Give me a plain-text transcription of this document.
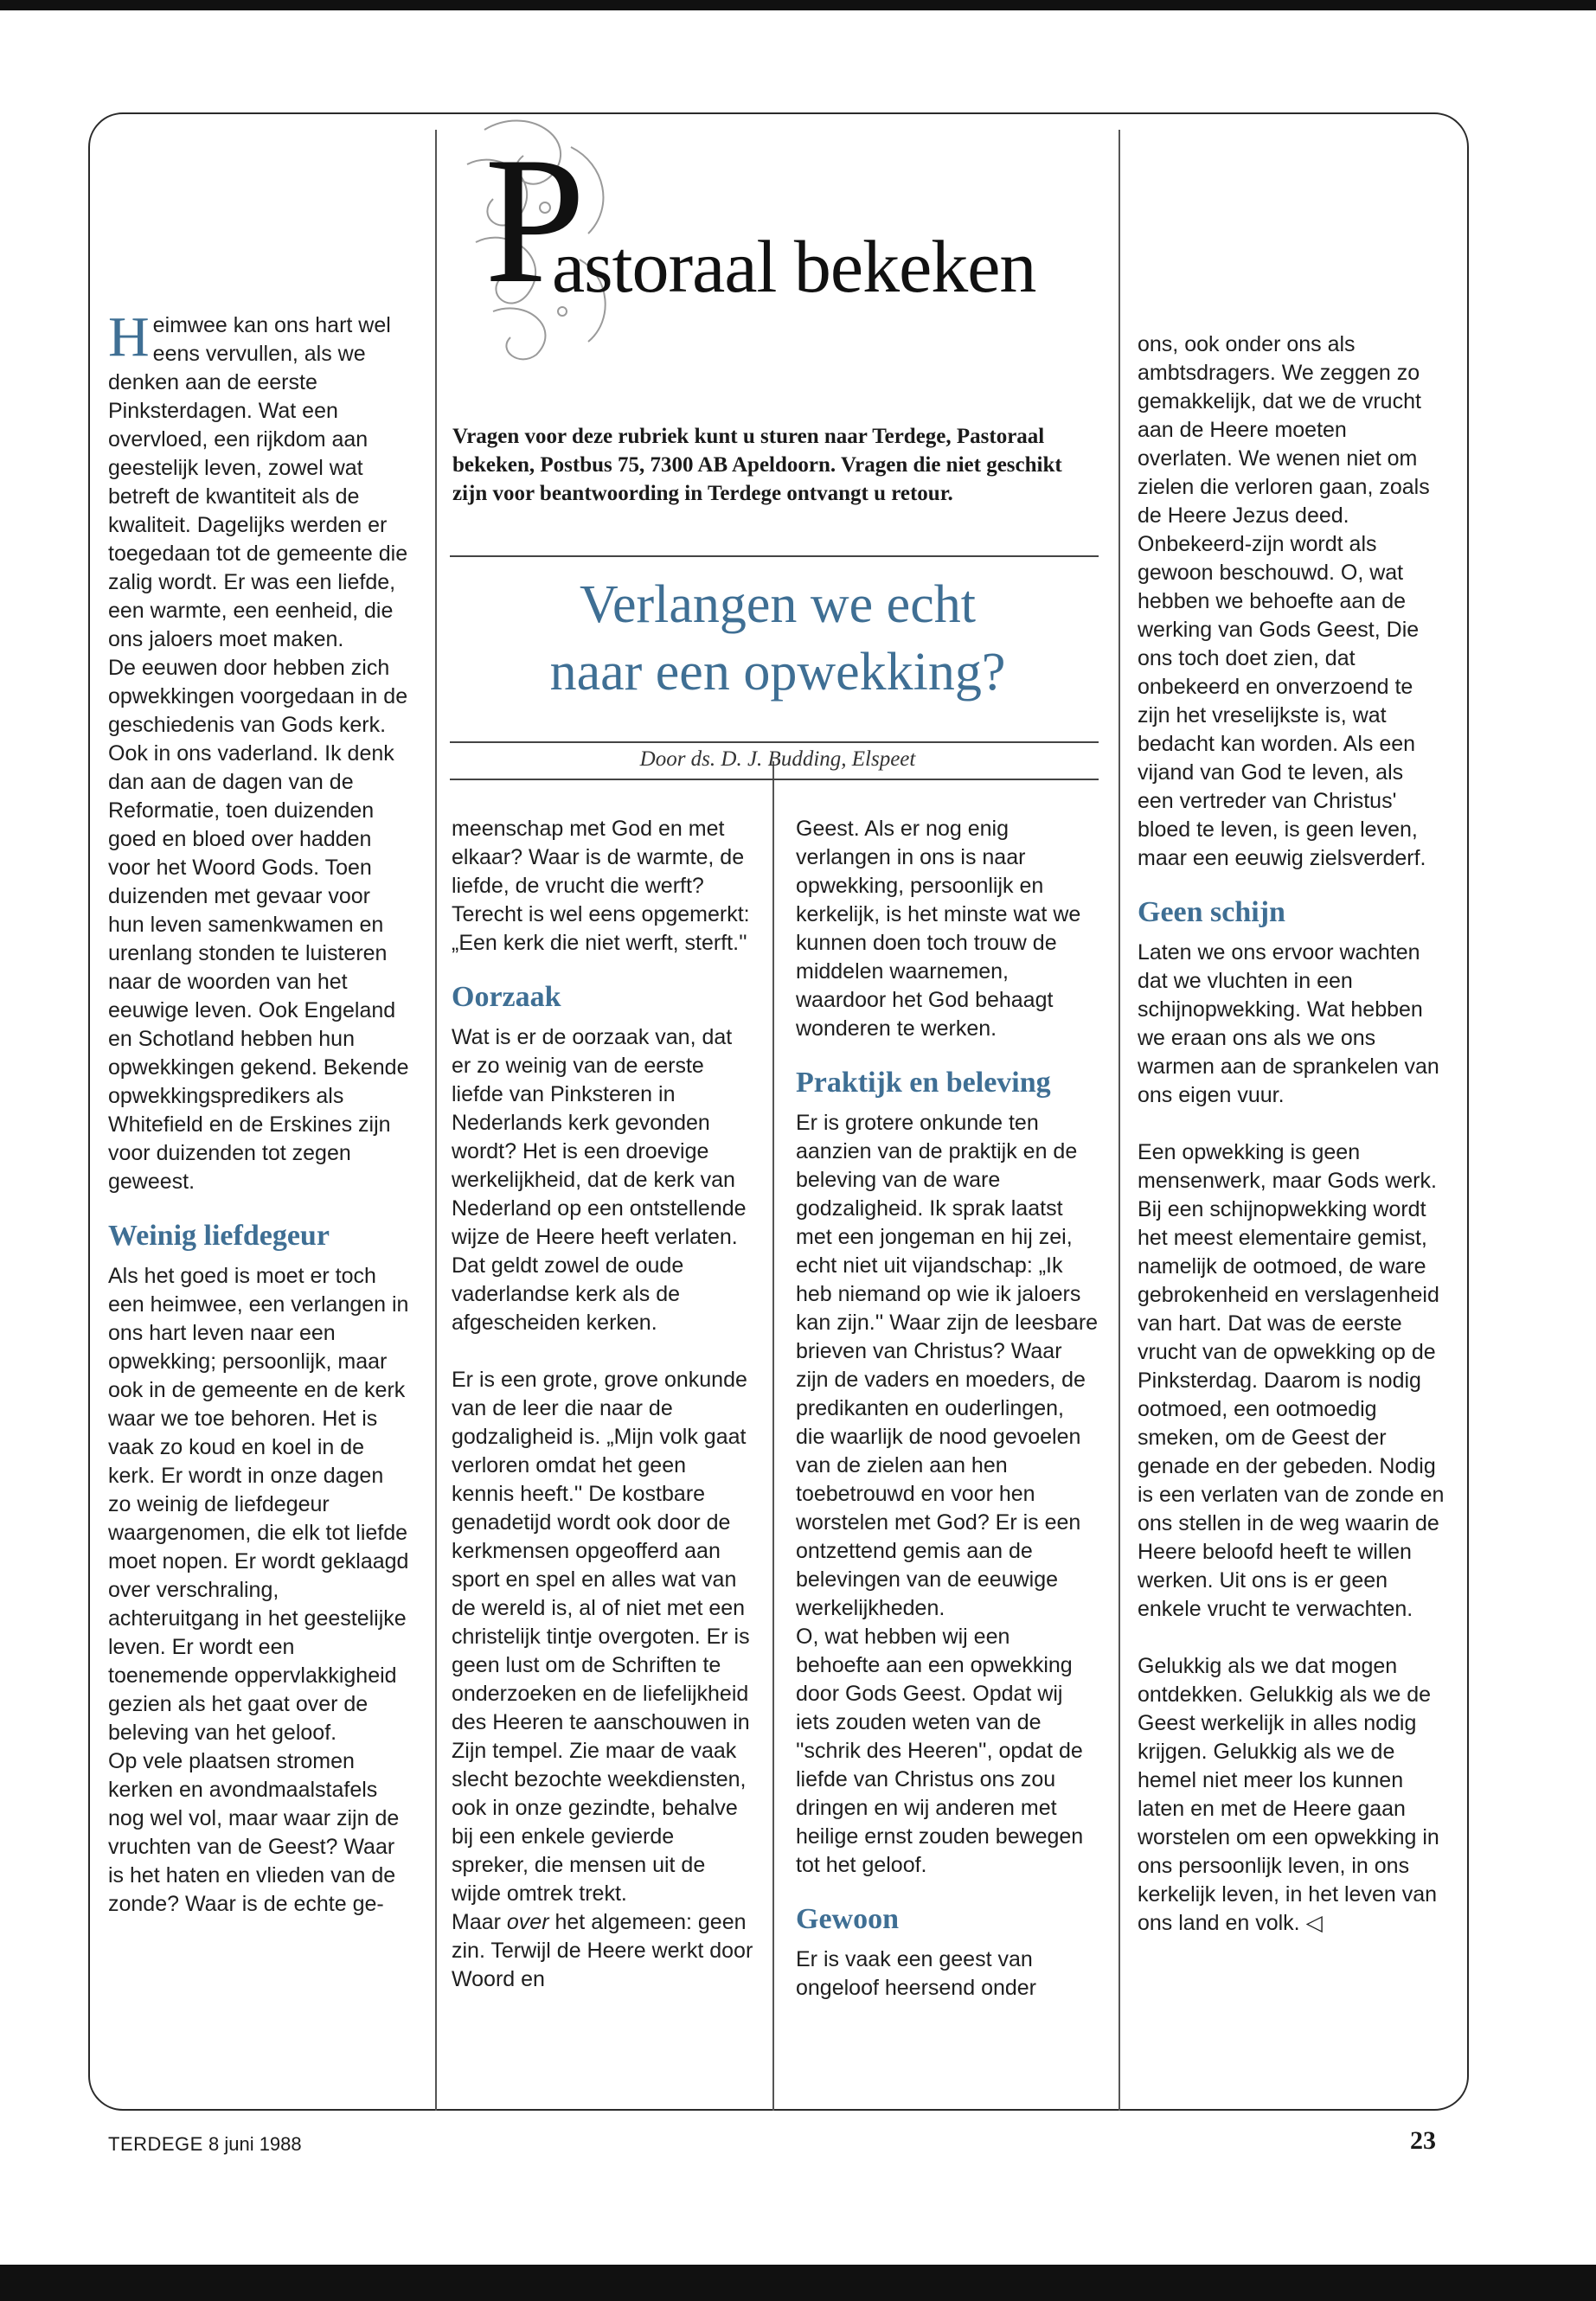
P
astoraal bekeken

Vragen voor deze rubriek kunt u sturen naar Terdege, Pastoraal bekeken, Postbus 75, 7300 AB Apeldoorn. Vragen die niet geschikt zijn voor beantwoording in Terdege ontvangt u retour.

Verlangen we echt
naar een opwekking?
Door ds. D. J. Budding, Elspeet

Heimwee kan ons hart wel eens vervullen, als we denken aan de eerste Pinksterdagen. Wat een overvloed, een rijkdom aan geestelijk leven, zowel wat betreft de kwantiteit als de kwaliteit. Dagelijks werden er toegedaan tot de gemeente die zalig wordt. Er was een liefde, een warmte, een eenheid, die ons jaloers moet maken.

De eeuwen door hebben zich opwekkingen voorgedaan in de geschiedenis van Gods kerk. Ook in ons vaderland. Ik denk dan aan de dagen van de Reformatie, toen duizenden goed en bloed over hadden voor het Woord Gods. Toen duizenden met gevaar voor hun leven samenkwamen en urenlang stonden te luisteren naar de woorden van het eeuwige leven. Ook Engeland en Schotland hebben hun opwekkingen gekend. Bekende opwekkingspredikers als Whitefield en de Erskines zijn voor duizenden tot zegen geweest.

Weinig liefdegeur

Als het goed is moet er toch een heimwee, een verlangen in ons hart leven naar een opwekking; persoonlijk, maar ook in de gemeente en de kerk waar we toe behoren. Het is vaak zo koud en koel in de kerk. Er wordt in onze dagen zo weinig de liefdegeur waargenomen, die elk tot liefde moet nopen. Er wordt geklaagd over verschraling, achteruitgang in het geestelijke leven. Er wordt een toenemende oppervlakkigheid gezien als het gaat over de beleving van het geloof.

Op vele plaatsen stromen kerken en avondmaalstafels nog wel vol, maar waar zijn de vruchten van de Geest? Waar is het haten en vlieden van de zonde? Waar is de echte ge-

meenschap met God en met elkaar? Waar is de warmte, de liefde, de vrucht die werft? Terecht is wel eens opgemerkt: „Een kerk die niet werft, sterft.''

Oorzaak

Wat is er de oorzaak van, dat er zo weinig van de eerste liefde van Pinksteren in Nederlands kerk gevonden wordt? Het is een droevige werkelijkheid, dat de kerk van Nederland op een ontstellende wijze de Heere heeft verlaten. Dat geldt zowel de oude vaderlandse kerk als de afgescheiden kerken.

Er is een grote, grove onkunde van de leer die naar de godzaligheid is. „Mijn volk gaat verloren omdat het geen kennis heeft.'' De kostbare genadetijd wordt ook door de kerkmensen opgeofferd aan sport en spel en alles wat van de wereld is, al of niet met een christelijk tintje overgoten. Er is geen lust om de Schriften te onderzoeken en de liefelijkheid des Heeren te aanschouwen in Zijn tempel. Zie maar de vaak slecht bezochte weekdiensten, ook in onze gezindte, behalve bij een enkele gevierde spreker, die mensen uit de wijde omtrek trekt.

Maar over het algemeen: geen zin. Terwijl de Heere werkt door Woord en

Geest. Als er nog enig verlangen in ons is naar opwekking, persoonlijk en kerkelijk, is het minste wat we kunnen doen toch trouw de middelen waarnemen, waardoor het God behaagt wonderen te werken.

Praktijk en beleving

Er is grotere onkunde ten aanzien van de praktijk en de beleving van de ware godzaligheid. Ik sprak laatst met een jongeman en hij zei, echt niet uit vijandschap: „Ik heb niemand op wie ik jaloers kan zijn.'' Waar zijn de leesbare brieven van Christus? Waar zijn de vaders en moeders, de predikanten en ouderlingen, die waarlijk de nood gevoelen van de zielen aan hen toebetrouwd en voor hen worstelen met God? Er is een ontzettend gemis aan de belevingen van de eeuwige werkelijkheden.

O, wat hebben wij een behoefte aan een opwekking door Gods Geest. Opdat wij iets zouden weten van de ''schrik des Heeren'', opdat de liefde van Christus ons zou dringen en wij anderen met heilige ernst zouden bewegen tot het geloof.

Gewoon

Er is vaak een geest van ongeloof heersend onder

ons, ook onder ons als ambtsdragers. We zeggen zo gemakkelijk, dat we de vrucht aan de Heere moeten overlaten. We wenen niet om zielen die verloren gaan, zoals de Heere Jezus deed. Onbekeerd-zijn wordt als gewoon beschouwd. O, wat hebben we behoefte aan de werking van Gods Geest, Die ons toch doet zien, dat onbekeerd en onverzoend te zijn het vreselijkste is, wat bedacht kan worden. Als een vijand van God te leven, als een vertreder van Christus' bloed te leven, is geen leven, maar een eeuwig zielsverderf.

Geen schijn

Laten we ons ervoor wachten dat we vluchten in een schijnopwekking. Wat hebben we eraan ons als we ons warmen aan de sprankelen van ons eigen vuur.

Een opwekking is geen mensenwerk, maar Gods werk. Bij een schijnopwekking wordt het meest elementaire gemist, namelijk de ootmoed, de ware gebrokenheid en verslagenheid van hart. Dat was de eerste vrucht van de opwekking op de Pinksterdag. Daarom is nodig ootmoed, een ootmoedig smeken, om de Geest der genade en der gebeden. Nodig is een verlaten van de zonde en ons stellen in de weg waarin de Heere beloofd heeft te willen werken. Uit ons is er geen enkele vrucht te verwachten.

Gelukkig als we dat mogen ontdekken. Gelukkig als we de Geest werkelijk in alles nodig krijgen. Gelukkig als we de hemel niet meer los kunnen laten en met de Heere gaan worstelen om een opwekking in ons persoonlijk leven, in ons kerkelijk leven, in het leven van ons land en volk. ◁

TERDEGE 8 juni 1988	23
